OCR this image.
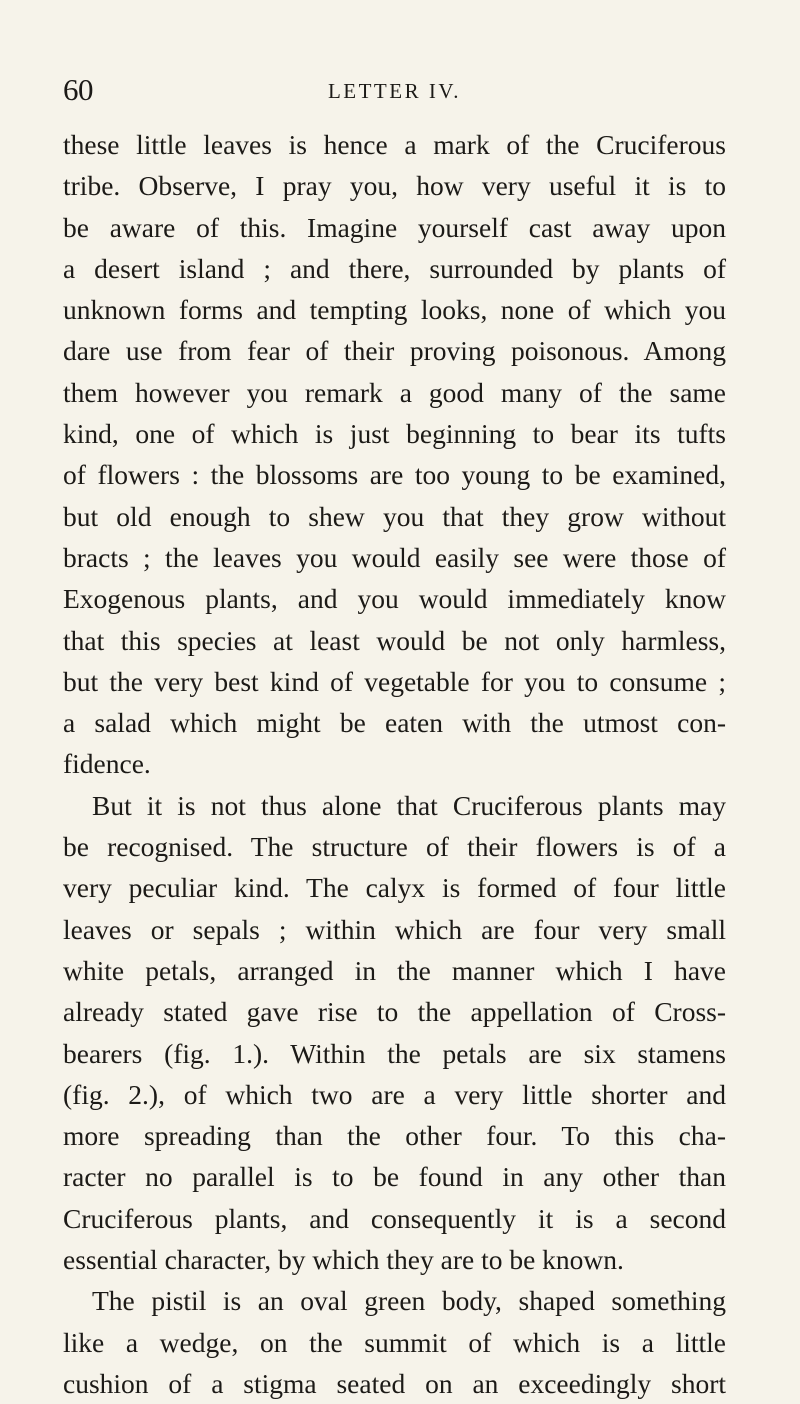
60	LETTER IV.
these little leaves is hence a mark of the Cruciferous
tribe. Observe, I pray you, how very useful it is to
be aware of this. Imagine yourself cast away upon
a desert island ; and there, surrounded by plants of
unknown forms and tempting looks, none of which you
dare use from fear of their proving poisonous. Among
them however you remark a good many of the same
kind, one of which is just beginning to bear its tufts
of flowers : the blossoms are too young to be examined,
but old enough to shew you that they grow without
bracts ; the leaves you would easily see were those of
Exogenous plants, and you would immediately know
that this species at least would be not only harmless,
but the very best kind of vegetable for you to consume ;
a salad which might be eaten with the utmost con-
fidence.
But it is not thus alone that Cruciferous plants may
be recognised. The structure of their flowers is of a
very peculiar kind. The calyx is formed of four little
leaves or sepals ; within which are four very small
white petals, arranged in the manner which I have
already stated gave rise to the appellation of Cross-
bearers (fig. 1.). Within the petals are six stamens
(fig. 2.), of which two are a very little shorter and
more spreading than the other four. To this cha-
racter no parallel is to be found in any other than
Cruciferous plants, and consequently it is a second
essential character, by which they are to be known.
The pistil is an oval green body, shaped something
like a wedge, on the summit of which is a little
cushion of a stigma seated on an exceedingly short
